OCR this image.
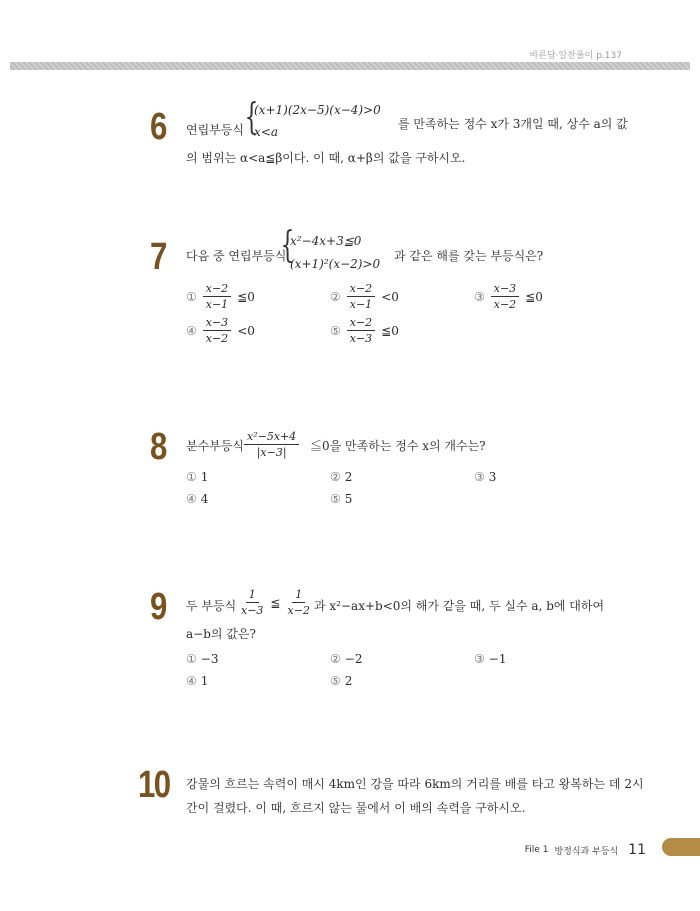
바른답·알찬풀이 p.137
6 연립부등식 {
(x+1)(2x−5)(x−4)>0
x<a
를 만족하는 정수 x가 3개일 때, 상수 a의 값
의 범위는 α<a≦β이다. 이 때, α+β의 값을 구하시오.
7 다음 중 연립부등식
{
x²−4x+3≦0
(x+1)²(x−2)>0
과 같은 해를 갖는 부등식은?
① $\frac{x-2}{x-1}$ ≦0	② $\frac{x-2}{x-1} <0$	③ $\frac{x-3}{x-2}$ ≦0
④ $\frac{x-3}{x-2} <0$	⑤ $\frac{x-2}{x-3}$ ≦0
8 분수부등식 $\frac{\text{x²−5x+4}}{|x-3|}$ ≦0을 만족하는 정수 x의 개수는?
① 1	② 2	③ 3
④ 4	⑤ 5
9 두 부등식 $\frac{1}{x-3}$ ≦ $\frac{1}{x-2}$ 과 x²−ax+b<0의 해가 같을 때, 두 실수 a, b에 대하여
a−b의 값은?
① −3	② −2	③ −1
④ 1	⑤ 2
10 강물의 흐르는 속력이 매시 4km인 강을 따라 6km의 거리를 배를 타고 왕복하는 데 2시
간이 걸렸다. 이 때, 흐르지 않는 물에서 이 배의 속력을 구하시오.
File 1 방정식과 부등식 11
